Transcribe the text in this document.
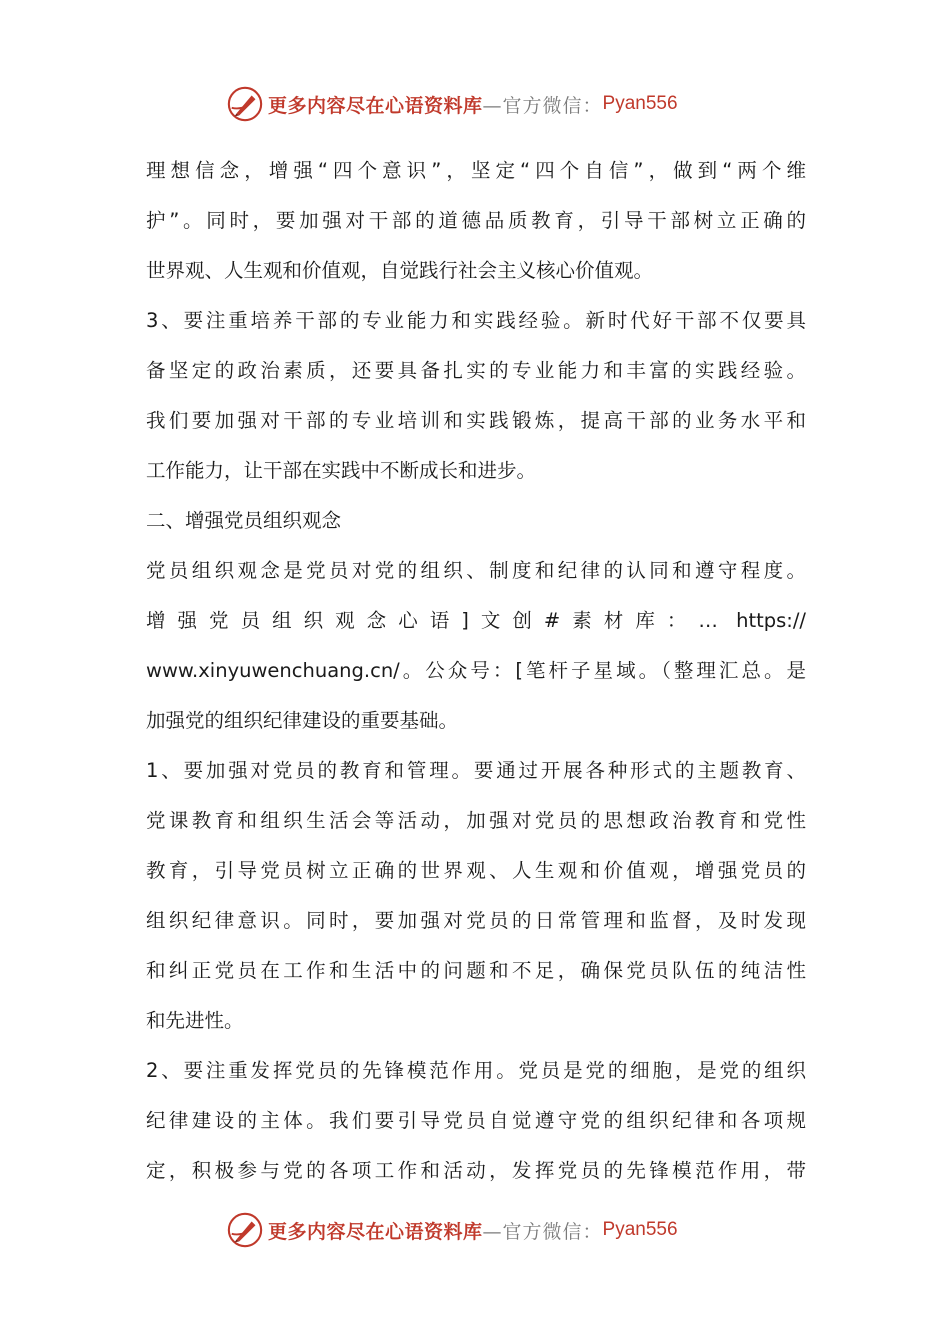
更多内容尽在心语资料库 —官方微信： Pyan556
理想信念，增强“四个意识”，坚定“四个自信”，做到“两个维
护”。同时，要加强对干部的道德品质教育，引导干部树立正确的
世界观、人生观和价值观，自觉践行社会主义核心价值观。
3、要注重培养干部的专业能力和实践经验。新时代好干部不仅要具
备坚定的政治素质，还要具备扎实的专业能力和丰富的实践经验。
我们要加强对干部的专业培训和实践锻炼，提高干部的业务水平和
工作能力，让干部在实践中不断成长和进步。
二、增强党员组织观念
党员组织观念是党员对党的组织、制度和纪律的认同和遵守程度。
增强党员组织观念心语]文创#素材库：… https://
www.xinyuwenchuang.cn/。公众号：[笔杆子星域。（整理汇总。是
加强党的组织纪律建设的重要基础。
1、要加强对党员的教育和管理。要通过开展各种形式的主题教育、
党课教育和组织生活会等活动，加强对党员的思想政治教育和党性
教育，引导党员树立正确的世界观、人生观和价值观，增强党员的
组织纪律意识。同时，要加强对党员的日常管理和监督，及时发现
和纠正党员在工作和生活中的问题和不足，确保党员队伍的纯洁性
和先进性。
2、要注重发挥党员的先锋模范作用。党员是党的细胞，是党的组织
纪律建设的主体。我们要引导党员自觉遵守党的组织纪律和各项规
定，积极参与党的各项工作和活动，发挥党员的先锋模范作用，带
更多内容尽在心语资料库 —官方微信： Pyan556
